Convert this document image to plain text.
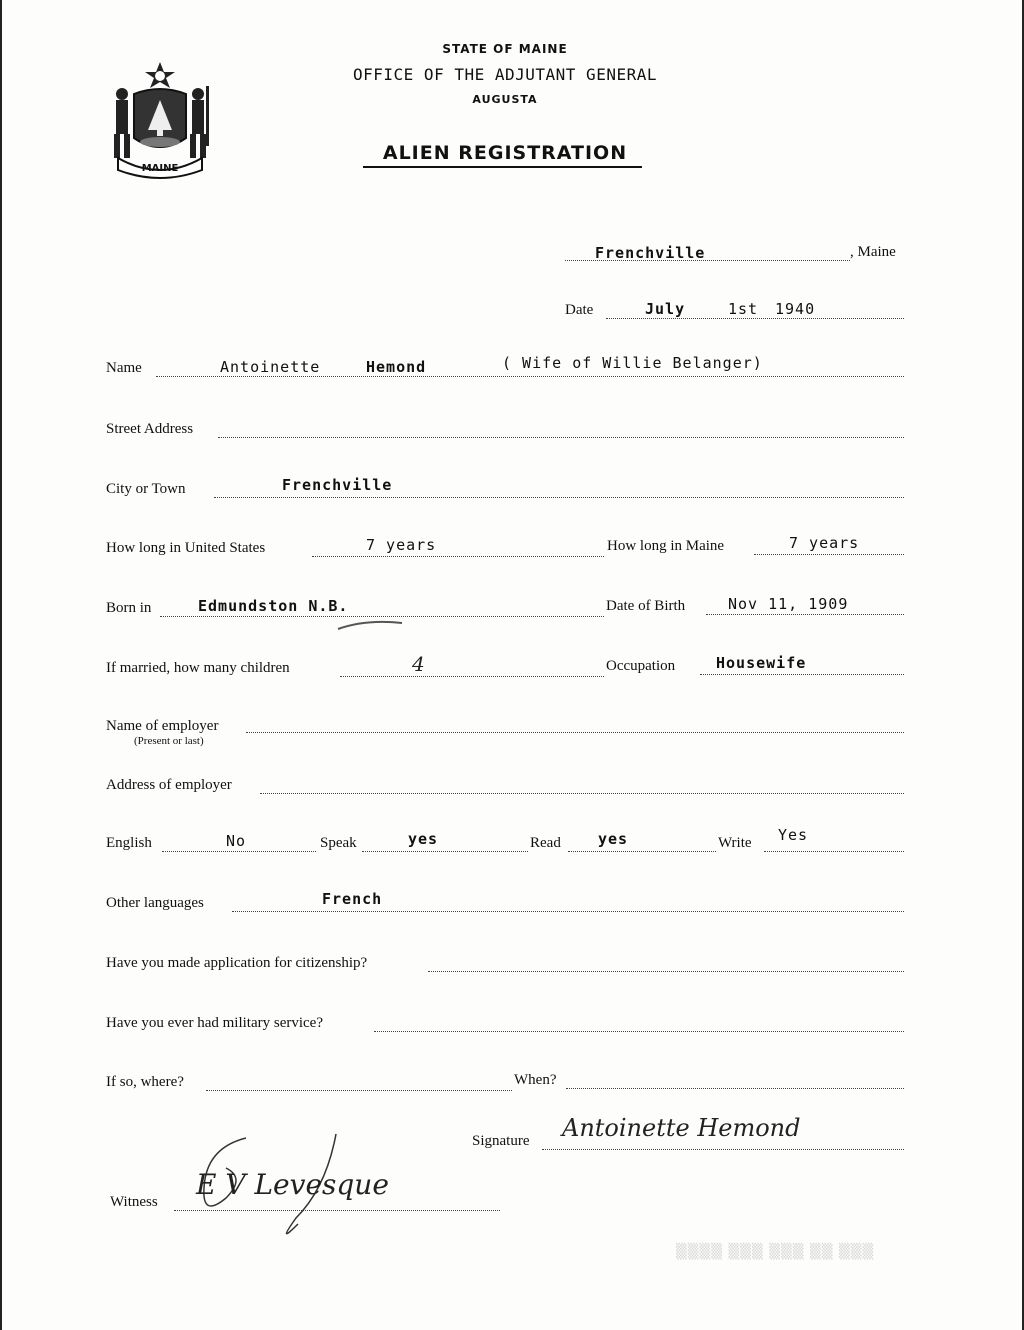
MAINE
STATE OF MAINE
OFFICE OF THE ADJUTANT GENERAL
AUGUSTA
ALIEN REGISTRATION
Frenchville	, Maine
Date	July	1st 1940
Name	Antoinette	Hemond	( Wife of Willie Belanger)
Street Address
City or Town	Frenchville
How long in United States	7 years	How long in Maine	7 years
Born in	Edmundston N.B.	Date of Birth	Nov 11, 1909
If married, how many children	4	Occupation	Housewife
Name of employer
(Present or last)
Address of employer
English	No	Speak	yes	Read yes	Write Yes
Other languages	French
Have you made application for citizenship?
Have you ever had military service?
If so, where?	When?
Signature Antoinette Hemond
Witness
E V Levesque
▒▒▒▒ ▒▒▒ ▒▒▒ ▒▒ ▒▒▒
